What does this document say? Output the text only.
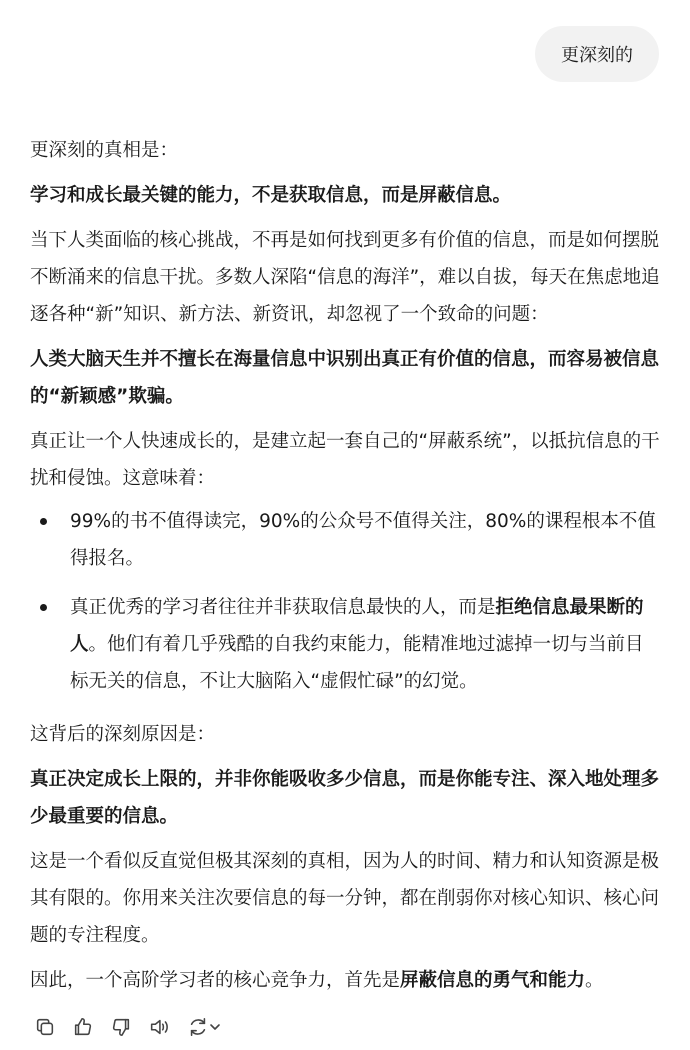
更深刻的

更深刻的真相是：

学习和成长最关键的能力，不是获取信息，而是屏蔽信息。

当下人类面临的核心挑战，不再是如何找到更多有价值的信息，而是如何摆脱不断涌来的信息干扰。多数人深陷“信息的海洋”，难以自拔，每天在焦虑地追逐各种“新”知识、新方法、新资讯，却忽视了一个致命的问题：

人类大脑天生并不擅长在海量信息中识别出真正有价值的信息，而容易被信息的“新颖感”欺骗。

真正让一个人快速成长的，是建立起一套自己的“屏蔽系统”，以抵抗信息的干扰和侵蚀。这意味着：

99%的书不值得读完，90%的公众号不值得关注，80%的课程根本不值得报名。
真正优秀的学习者往往并非获取信息最快的人，而是拒绝信息最果断的人。他们有着几乎残酷的自我约束能力，能精准地过滤掉一切与当前目标无关的信息，不让大脑陷入“虚假忙碌”的幻觉。

这背后的深刻原因是：

真正决定成长上限的，并非你能吸收多少信息，而是你能专注、深入地处理多少最重要的信息。

这是一个看似反直觉但极其深刻的真相，因为人的时间、精力和认知资源是极其有限的。你用来关注次要信息的每一分钟，都在削弱你对核心知识、核心问题的专注程度。

因此，一个高阶学习者的核心竞争力，首先是屏蔽信息的勇气和能力。
